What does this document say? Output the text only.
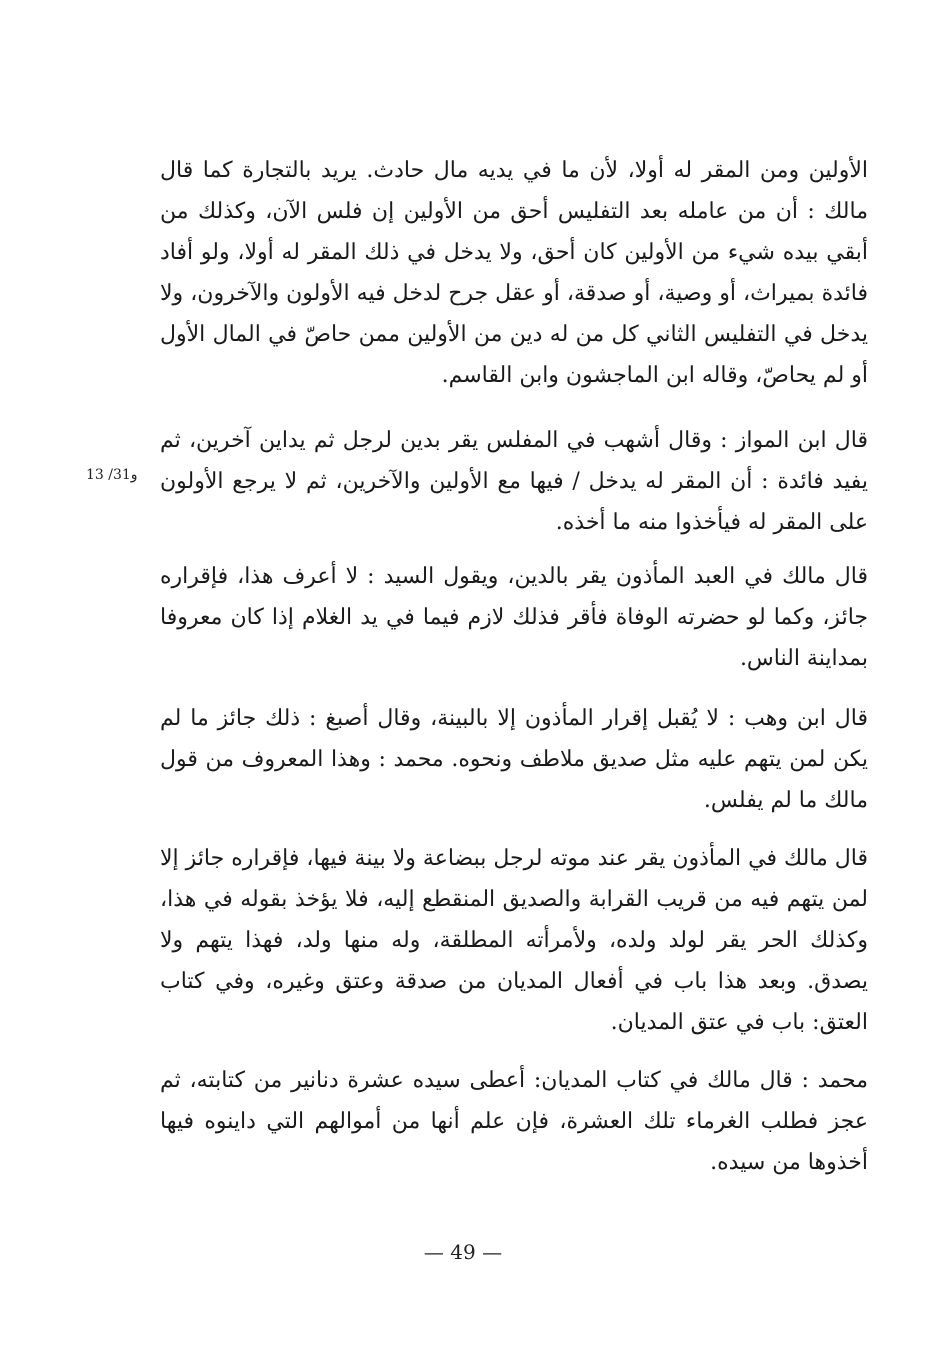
الأولين ومن المقر له أولا، لأن ما في يديه مال حادث. يريد بالتجارة كما قال مالك : أن من عامله بعد التفليس أحق من الأولين إن فلس الآن، وكذلك من أبقي بيده شيء من الأولين كان أحق، ولا يدخل في ذلك المقر له أولا، ولو أفاد فائدة بميراث، أو وصية، أو صدقة، أو عقل جرح لدخل فيه الأولون والآخرون، ولا يدخل في التفليس الثاني كل من له دين من الأولين ممن حاصّ في المال الأول أو لم يحاصّ، وقاله ابن الماجشون وابن القاسم.

قال ابن المواز : وقال أشهب في المفلس يقر بدين لرجل ثم يداين آخرين، ثم يفيد فائدة : أن المقر له يدخل / فيها مع الأولين والآخرين، ثم لا يرجع الأولون على المقر له فيأخذوا منه ما أخذه.

13 /31و

قال مالك في العبد المأذون يقر بالدين، ويقول السيد : لا أعرف هذا، فإقراره جائز، وكما لو حضرته الوفاة فأقر فذلك لازم فيما في يد الغلام إذا كان معروفا بمداينة الناس.

قال ابن وهب : لا يُقبل إقرار المأذون إلا بالبينة، وقال أصبغ : ذلك جائز ما لم يكن لمن يتهم عليه مثل صديق ملاطف ونحوه. محمد : وهذا المعروف من قول مالك ما لم يفلس.

قال مالك في المأذون يقر عند موته لرجل ببضاعة ولا بينة فيها، فإقراره جائز إلا لمن يتهم فيه من قريب القرابة والصديق المنقطع إليه، فلا يؤخذ بقوله في هذا، وكذلك الحر يقر لولد ولده، ولأمرأته المطلقة، وله منها ولد، فهذا يتهم ولا يصدق. وبعد هذا باب في أفعال المديان من صدقة وعتق وغيره، وفي كتاب العتق: باب في عتق المديان.

محمد : قال مالك في كتاب المديان: أعطى سيده عشرة دنانير من كتابته، ثم عجز فطلب الغرماء تلك العشرة، فإن علم أنها من أموالهم التي داينوه فيها أخذوها من سيده.

— 49 —
